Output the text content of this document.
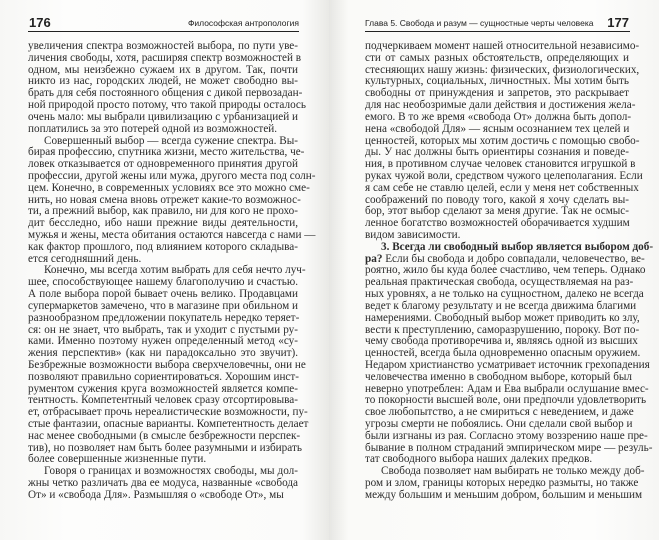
176	Философская антропология
увеличения спектра возможностей выбора, по пути уве-
личения свободы, хотя, расширяя спектр возможностей в
одном, мы неизбежно сужаем их в другом. Так, почти
никто из нас, городских людей, не может свободно вы-
брать для себя постоянного общения с дикой первозадан-
ной природой просто потому, что такой природы осталось
очень мало: мы выбрали цивилизацию с урбанизацией и
поплатились за это потерей одной из возможностей.
Совершенный выбор — всегда сужение спектра. Вы-
бирая профессию, спутника жизни, место жительства, че-
ловек отказывается от одновременного принятия другой
профессии, другой жены или мужа, другого места под солн-
цем. Конечно, в современных условиях все это можно сме-
нить, но новая смена вновь отрежет какие-то возможнос-
ти, а прежний выбор, как правило, ни для кого не прохо-
дит бесследно, ибо наши прежние виды деятельности,
мужья и жены, места обитания остаются навсегда с нами —
как фактор прошлого, под влиянием которого складыва-
ется сегодняшний день.
Конечно, мы всегда хотим выбрать для себя нечто луч-
шее, способствующее нашему благополучию и счастью.
А поле выбора порой бывает очень велико. Продавцами
супермаркетов замечено, что в магазине при обильном и
разнообразном предложении покупатель нередко теряет-
ся: он не знает, что выбрать, так и уходит с пустыми ру-
ками. Именно поэтому нужен определенный метод «су-
жения перспектив» (как ни парадоксально это звучит).
Безбрежные возможности выбора сверхчеловечны, они не
позволяют правильно сориентироваться. Хорошим инст-
рументом сужения круга возможностей является компе-
тентность. Компетентный человек сразу отсортировыва-
ет, отбрасывает прочь нереалистические возможности, пу-
стые фантазии, опасные варианты. Компетентность делает
нас менее свободными (в смысле безбрежности перспек-
тив), но позволяет нам быть более разумными и избирать
более совершенные жизненные пути.
Говоря о границах и возможностях свободы, мы дол-
жны четко различать два ее модуса, названные «свобода
От» и «свобода Для». Размышляя о «свободе От», мы
Глава 5. Свобода и разум — сущностные черты человека 177
подчеркиваем момент нашей относительной независимо-
сти от самых разных обстоятельств, определяющих и
стесняющих нашу жизнь: физических, физиологических,
культурных, социальных, личностных. Мы хотим быть
свободны от принуждения и запретов, это раскрывает
для нас необозримые дали действия и достижения жела-
емого. В то же время «свобода От» должна быть допол-
нена «свободой Для» — ясным осознанием тех целей и
ценностей, которых мы хотим достичь с помощью свобо-
ды. У нас должны быть ориентиры сознания и поведе-
ния, в противном случае человек становится игрушкой в
руках чужой воли, средством чужого целеполагания. Если
я сам себе не ставлю целей, если у меня нет собственных
соображений по поводу того, какой я хочу сделать вы-
бор, этот выбор сделают за меня другие. Так не осмыс-
ленное богатство возможностей оборачивается худшим
видом зависимости.
3. Всегда ли свободный выбор является выбором доб-
ра? Если бы свобода и добро совпадали, человечество, ве-
роятно, жило бы куда более счастливо, чем теперь. Однако
реальная практическая свобода, осуществляемая на раз-
ных уровнях, а не только на сущностном, далеко не всегда
ведет к благому результату и не всегда движима благими
намерениями. Свободный выбор может приводить ко злу,
вести к преступлению, саморазрушению, пороку. Вот по-
чему свобода противоречива и, являясь одной из высших
ценностей, всегда была одновременно опасным оружием.
Недаром христианство усматривает источник грехопадения
человечества именно в свободном выборе, который был
неверно употреблен: Адам и Ева выбрали ослушание вмес-
то покорности высшей воле, они предпочли удовлетворить
свое любопытство, а не смириться с неведением, и даже
угрозы смерти не побоялись. Они сделали свой выбор и
были изгнаны из рая. Согласно этому воззрению наше пре-
бывание в полном страданий эмпирическом мире — резуль-
тат свободного выбора наших далеких предков.
Свобода позволяет нам выбирать не только между доб-
ром и злом, границы которых нередко размыты, но также
между большим и меньшим добром, большим и меньшим
